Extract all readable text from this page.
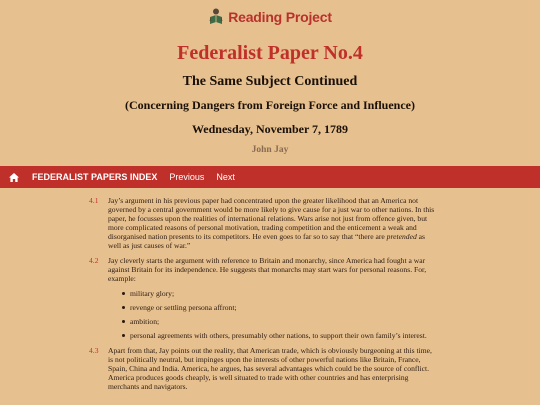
Reading Project
Federalist Paper No.4
The Same Subject Continued
(Concerning Dangers from Foreign Force and Influence)
Wednesday, November 7, 1789
John Jay
FEDERALIST PAPERS INDEX Previous Next
4.1 Jay’s argument in his previous paper had concentrated upon the greater likelihood that an America not governed by a central government would be more likely to give cause for a just war to other nations. In this paper, he focusses upon the realities of international relations. Wars arise not just from offence given, but more complicated reasons of personal motivation, trading competition and the enticement a weak and disorganised nation presents to its competitors. He even goes to far so to say that “there are pretended as well as just causes of war.”
4.2 Jay cleverly starts the argument with reference to Britain and monarchy, since America had fought a war against Britain for its independence. He suggests that monarchs may start wars for personal reasons. For, example:
military glory;
revenge or settling persona affront;
ambition;
personal agreements with others, presumably other nations, to support their own family’s interest.
4.3 Apart from that, Jay points out the reality, that American trade, which is obviously burgeoning at this time, is not politically neutral, but impinges upon the interests of other powerful nations like Britain, France, Spain, China and India. America, he argues, has several advantages which could be the source of conflict. America produces goods cheaply, is well situated to trade with other countries and has enterprising merchants and navigators.
